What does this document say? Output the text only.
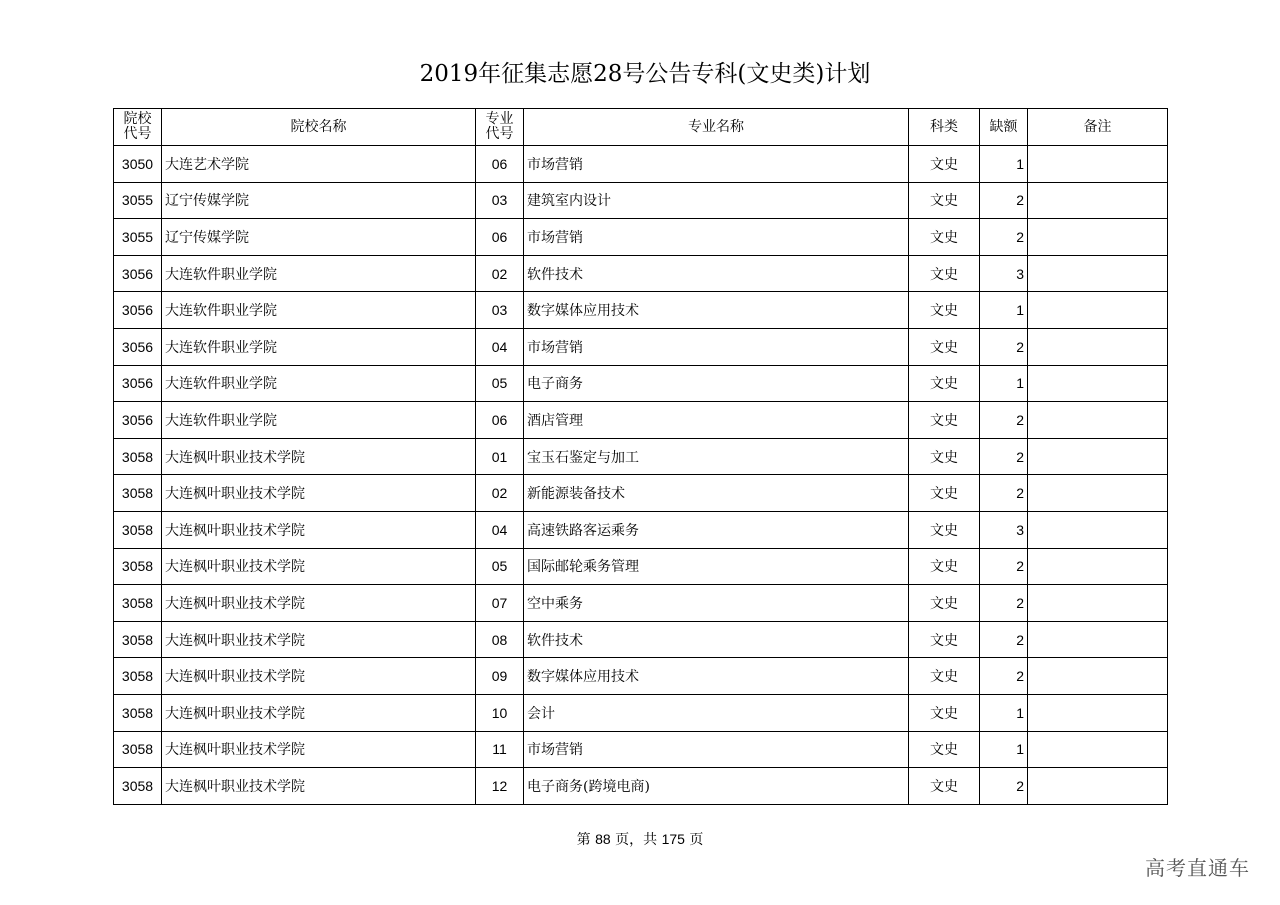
2019年征集志愿28号公告专科(文史类)计划
院校代号	院校名称	专业代号	专业名称	科类	缺额	备注
3050	大连艺术学院	06	市场营销	文史	1	
3055	辽宁传媒学院	03	建筑室内设计	文史	2	
3055	辽宁传媒学院	06	市场营销	文史	2	
3056	大连软件职业学院	02	软件技术	文史	3	
3056	大连软件职业学院	03	数字媒体应用技术	文史	1	
3056	大连软件职业学院	04	市场营销	文史	2	
3056	大连软件职业学院	05	电子商务	文史	1	
3056	大连软件职业学院	06	酒店管理	文史	2	
3058	大连枫叶职业技术学院	01	宝玉石鉴定与加工	文史	2	
3058	大连枫叶职业技术学院	02	新能源装备技术	文史	2	
3058	大连枫叶职业技术学院	04	高速铁路客运乘务	文史	3	
3058	大连枫叶职业技术学院	05	国际邮轮乘务管理	文史	2	
3058	大连枫叶职业技术学院	07	空中乘务	文史	2	
3058	大连枫叶职业技术学院	08	软件技术	文史	2	
3058	大连枫叶职业技术学院	09	数字媒体应用技术	文史	2	
3058	大连枫叶职业技术学院	10	会计	文史	1	
3058	大连枫叶职业技术学院	11	市场营销	文史	1	
3058	大连枫叶职业技术学院	12	电子商务(跨境电商)	文史	2	
第 88 页，共 175 页
高考直通车
